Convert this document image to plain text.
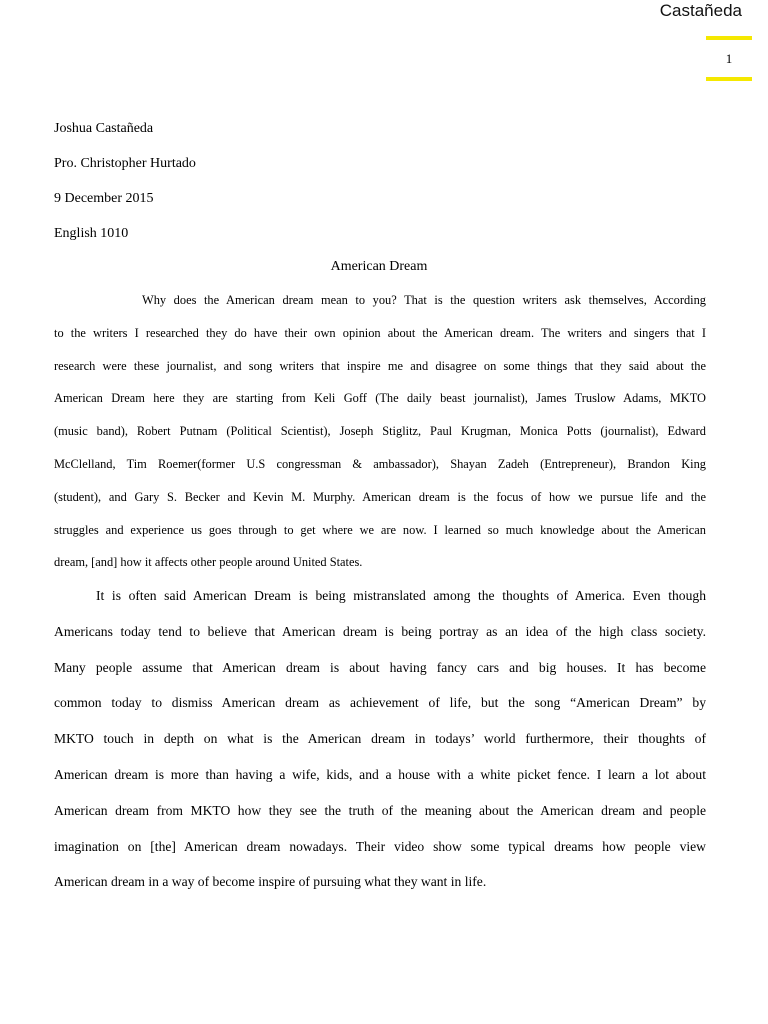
Castañeda
1
Joshua Castañeda
Pro. Christopher Hurtado
9 December 2015
English 1010
American Dream
Why does the American dream mean to you? That is the question writers ask themselves, According
to the writers I researched they do have their own opinion about the American dream. The writers and singers that I
research were these journalist, and song writers that inspire me and disagree on some things that they said about the
American Dream here they are starting from Keli Goff (The daily beast journalist), James Truslow Adams, MKTO
(music band), Robert Putnam (Political Scientist), Joseph Stiglitz, Paul Krugman, Monica Potts (journalist), Edward
McClelland, Tim Roemer(former U.S congressman & ambassador), Shayan Zadeh (Entrepreneur), Brandon King
(student), and Gary S. Becker and Kevin M. Murphy. American dream is the focus of how we pursue life and the
struggles and experience us goes through to get where we are now. I learned so much knowledge about the American
dream, [and] how it affects other people around United States.
It is often said American Dream is being mistranslated among the thoughts of America. Even though
Americans today tend to believe that American dream is being portray as an idea of the high class society.
Many people assume that American dream is about having fancy cars and big houses. It has become
common today to dismiss American dream as achievement of life, but the song “American Dream” by
MKTO touch in depth on what is the American dream in todays’ world furthermore, their thoughts of
American dream is more than having a wife, kids, and a house with a white picket fence. I learn a lot about
American dream from MKTO how they see the truth of the meaning about the American dream and people
imagination on [the] American dream nowadays. Their video show some typical dreams how people view
American dream in a way of become inspire of pursuing what they want in life.
